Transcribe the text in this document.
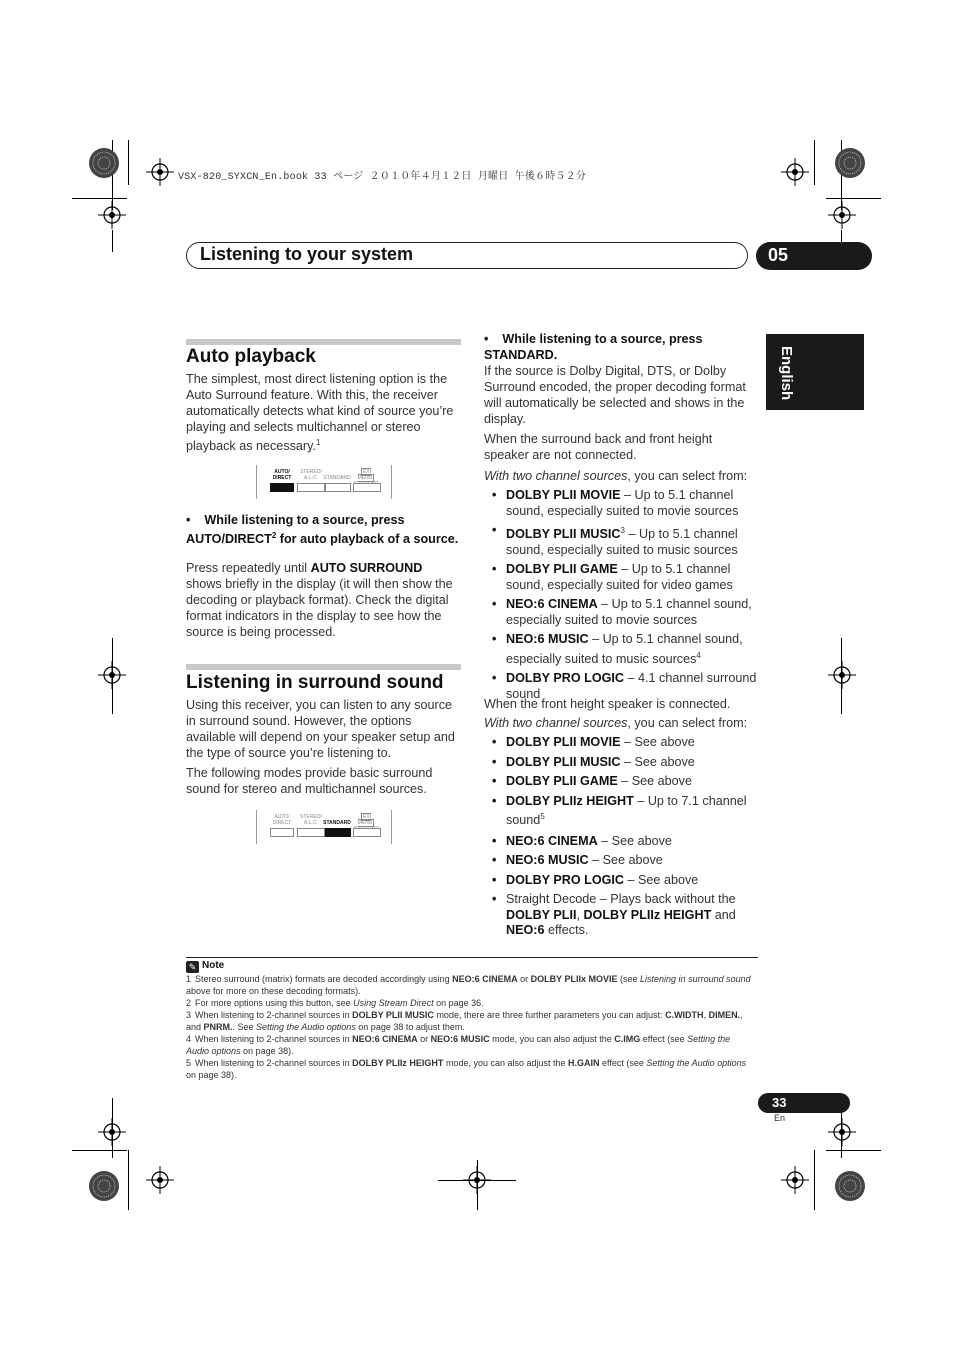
VSX-820_SYXCN_En.book 33 ページ ２０１０年４月１２日 月曜日 午後６時５２分
Listening to your system	05
English
Auto playback

The simplest, most direct listening option is the Auto Surround feature. With this, the receiver automatically detects what kind of source you’re playing and selects multichannel or stereo playback as necessary.$^1$

AUTO/
DIRECT
STEREO/
A.L.C.	STANDARD
EXI MENU

•    While listening to a source, press AUTO/DIRECT$^2$ for auto playback of a source.

Press repeatedly until AUTO SURROUND shows briefly in the display (it will then show the decoding or playback format). Check the digital format indicators in the display to see how the source is being processed.

Listening in surround sound

Using this receiver, you can listen to any source in surround sound. However, the options available will depend on your speaker setup and the type of source you’re listening to.

The following modes provide basic surround sound for stereo and multichannel sources.

AUTO/
DIRECT
STEREO/
A.L.C.	STANDARD
EXI MENU

•    While listening to a source, press STANDARD.

If the source is Dolby Digital, DTS, or Dolby Surround encoded, the proper decoding format will automatically be selected and shows in the display.

When the surround back and front height speaker are not connected.

With two channel sources, you can select from:

• DOLBY PLII MOVIE – Up to 5.1 channel sound, especially suited to movie sources
• DOLBY PLII MUSIC$^3$ – Up to 5.1 channel sound, especially suited to music sources
• DOLBY PLII GAME – Up to 5.1 channel sound, especially suited for video games
• NEO:6 CINEMA – Up to 5.1 channel sound, especially suited to movie sources
• NEO:6 MUSIC – Up to 5.1 channel sound, especially suited to music sources$^4$
• DOLBY PRO LOGIC – 4.1 channel surround sound

When the front height speaker is connected.

With two channel sources, you can select from:

• DOLBY PLII MOVIE – See above
• DOLBY PLII MUSIC – See above
• DOLBY PLII GAME – See above
• DOLBY PLIIz HEIGHT – Up to 7.1 channel sound$^5$
• NEO:6 CINEMA – See above
• NEO:6 MUSIC – See above
• DOLBY PRO LOGIC – See above
• Straight Decode – Plays back without the DOLBY PLII, DOLBY PLIIz HEIGHT and NEO:6 effects.
✎ Note
1 Stereo surround (matrix) formats are decoded accordingly using NEO:6 CINEMA or DOLBY PLIIx MOVIE (see Listening in surround sound above for more on these decoding formats).
2 For more options using this button, see Using Stream Direct on page 36.
3 When listening to 2-channel sources in DOLBY PLII MUSIC mode, there are three further parameters you can adjust: C.WIDTH, DIMEN., and PNRM.. See Setting the Audio options on page 38 to adjust them.
4 When listening to 2-channel sources in NEO:6 CINEMA or NEO:6 MUSIC mode, you can also adjust the C.IMG effect (see Setting the Audio options on page 38).
5 When listening to 2-channel sources in DOLBY PLIIz HEIGHT mode, you can also adjust the H.GAIN effect (see Setting the Audio options on page 38).
33
En
